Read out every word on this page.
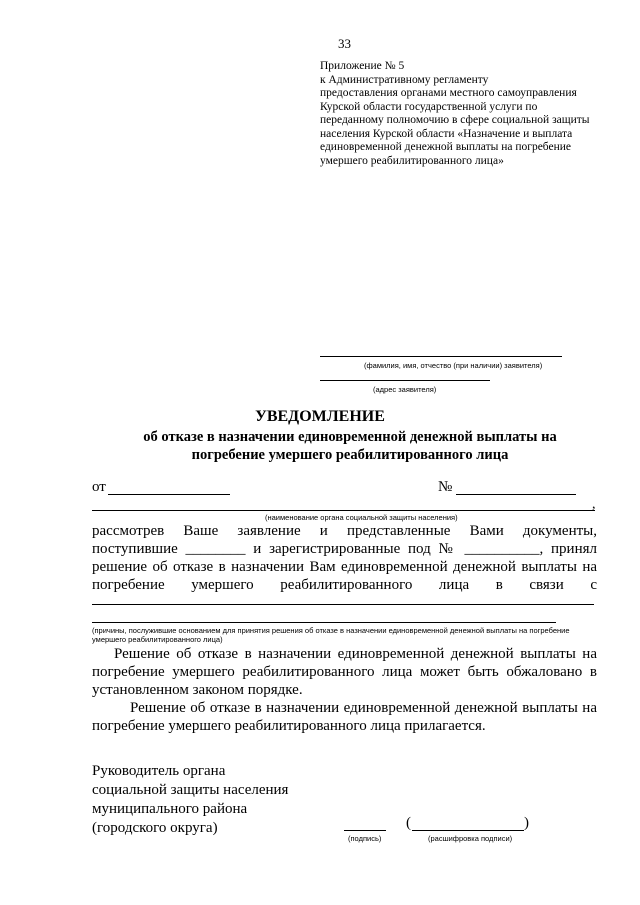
33
Приложение № 5
к Административному регламенту
предоставления органами местного самоуправления
Курской области государственной услуги по
переданному полномочию в сфере социальной защиты
населения Курской области «Назначение и выплата
единовременной денежной выплаты на погребение
умершего реабилитированного лица»
(фамилия, имя, отчество (при наличии) заявителя)
(адрес заявителя)
УВЕДОМЛЕНИЕ
об отказе в назначении единовременной денежной выплаты на
погребение умершего реабилитированного лица
от	№
,
(наименование органа социальной защиты населения)
рассмотрев Ваше заявление и представленные Вами документы,
поступившие ________ и зарегистрированные под № __________, принял
решение об отказе в назначении Вам единовременной денежной выплаты на
погребение умершего реабилитированного лица в связи с
(причины, послужившие основанием для принятия решения об отказе в назначении единовременной денежной выплаты на погребение
умершего реабилитированного лица)
Решение об отказе в назначении единовременной денежной выплаты на
погребение умершего реабилитированного лица может быть обжаловано в
установленном законом порядке.
Решение об отказе в назначении единовременной денежной выплаты на
погребение умершего реабилитированного лица прилагается.
Руководитель органа
социальной защиты населения
муниципального района
(городского округа)
(подпись)
(	)
(расшифровка подписи)
